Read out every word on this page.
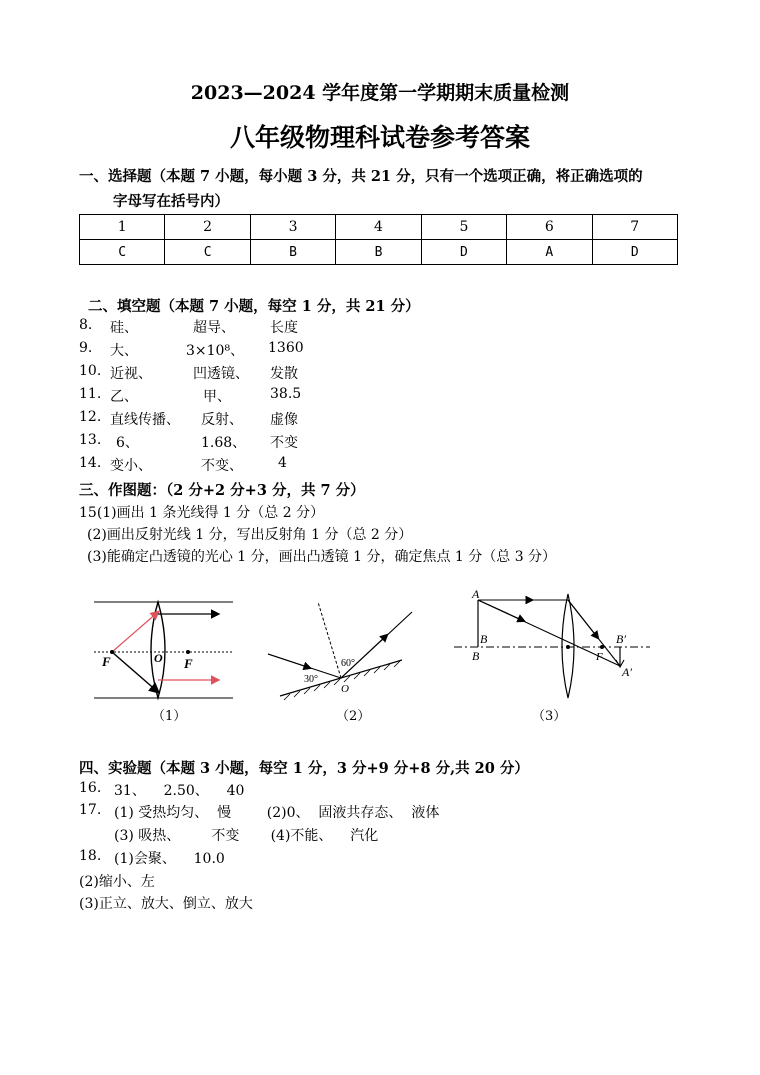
2023—2024 学年度第一学期期末质量检测
八年级物理科试卷参考答案
一、选择题（本题 7 小题，每小题 3 分，共 21 分，只有一个选项正确，将正确选项的
字母写在括号内）
1	2	3	4	5	6	7
C	C	B	B	D	A	D
二、填空题（本题 7 小题，每空 1 分，共 21 分）
8. 硅、	超导、	长度
9. 大、	3×10⁸、 1360
10. 近视、	凹透镜、 发散
11. 乙、	甲、	38.5
12. 直线传播、 反射、 虚像
13. 6、	1.68、 不变
14. 变小、	不变、	4
三、作图题：（2 分+2 分+3 分，共 7 分）
15(1)画出 1 条光线得 1 分（总 2 分）
(2)画出反射光线 1 分，写出反射角 1 分（总 2 分）
(3)能确定凸透镜的光心 1 分，画出凸透镜 1 分，确定焦点 1 分（总 3 分）
F	O F
（1）
60°
30°
O
（2）
A
B
B
B′
F
A′
（3）
四、实验题（本题 3 小题，每空 1 分，3 分+9 分+8 分,共 20 分）
16. 31、    2.50、    40
17. (1) 受热均匀、  慢        (2)0、  固液共存态、  液体
(3) 吸热、       不变       (4)不能、    汽化
18. (1)会聚、    10.0
(2)缩小、左
(3)正立、放大、倒立、放大
